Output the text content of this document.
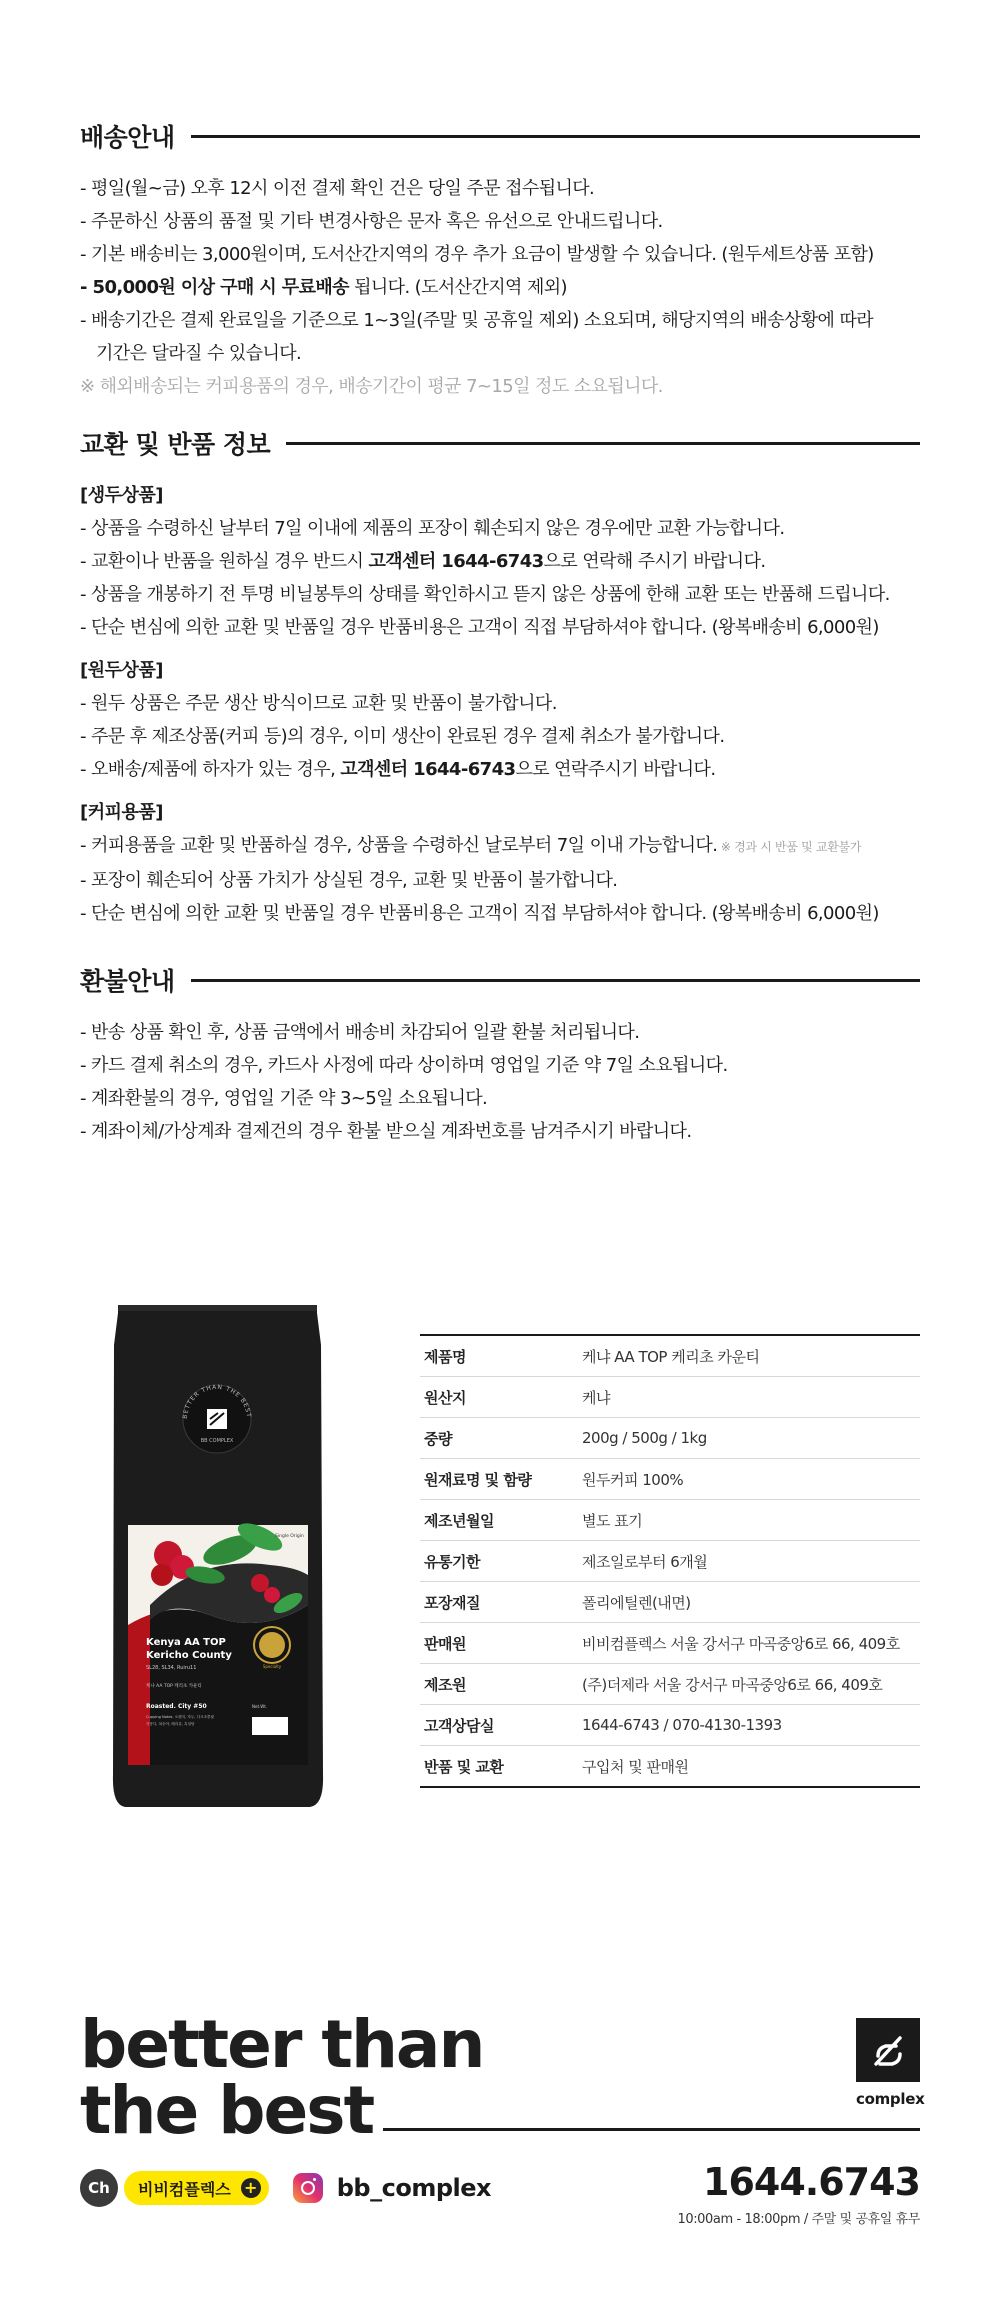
배송안내
- 평일(월~금) 오후 12시 이전 결제 확인 건은 당일 주문 접수됩니다.
- 주문하신 상품의 품절 및 기타 변경사항은 문자 혹은 유선으로 안내드립니다.
- 기본 배송비는 3,000원이며, 도서산간지역의 경우 추가 요금이 발생할 수 있습니다. (원두세트상품 포함)
- 50,000원 이상 구매 시 무료배송 됩니다. (도서산간지역 제외)
- 배송기간은 결제 완료일을 기준으로 1~3일(주말 및 공휴일 제외) 소요되며, 해당지역의 배송상황에 따라
기간은 달라질 수 있습니다.
※ 해외배송되는 커피용품의 경우, 배송기간이 평균 7~15일 정도 소요됩니다.
교환 및 반품 정보
[생두상품]
- 상품을 수령하신 날부터 7일 이내에 제품의 포장이 훼손되지 않은 경우에만 교환 가능합니다.
- 교환이나 반품을 원하실 경우 반드시 고객센터 1644-6743으로 연락해 주시기 바랍니다.
- 상품을 개봉하기 전 투명 비닐봉투의 상태를 확인하시고 뜯지 않은 상품에 한해 교환 또는 반품해 드립니다.
- 단순 변심에 의한 교환 및 반품일 경우 반품비용은 고객이 직접 부담하셔야 합니다. (왕복배송비 6,000원)
[원두상품]
- 원두 상품은 주문 생산 방식이므로 교환 및 반품이 불가합니다.
- 주문 후 제조상품(커피 등)의 경우, 이미 생산이 완료된 경우 결제 취소가 불가합니다.
- 오배송/제품에 하자가 있는 경우, 고객센터 1644-6743으로 연락주시기 바랍니다.
[커피용품]
- 커피용품을 교환 및 반품하실 경우, 상품을 수령하신 날로부터 7일 이내 가능합니다. ※ 경과 시 반품 및 교환불가
- 포장이 훼손되어 상품 가치가 상실된 경우, 교환 및 반품이 불가합니다.
- 단순 변심에 의한 교환 및 반품일 경우 반품비용은 고객이 직접 부담하셔야 합니다. (왕복배송비 6,000원)
환불안내
- 반송 상품 확인 후, 상품 금액에서 배송비 차감되어 일괄 환불 처리됩니다.
- 카드 결제 취소의 경우, 카드사 사정에 따라 상이하며 영업일 기준 약 7일 소요됩니다.
- 계좌환불의 경우, 영업일 기준 약 3~5일 소요됩니다.
- 계좌이체/가상계좌 결제건의 경우 환불 받으실 계좌번호를 남겨주시기 바랍니다.
BETTER THAN THE BEST
BB COMPLEX
Single Origin
Specialty
Kenya AA TOP
Kericho County
SL28, SL34, Ruiru11
케냐 AA TOP 케리초 카운티
Roasted. City #50
Cupping Notes. 오렌지, 자두, 다크초콜릿
자몽다, 복숭아, 베리류, 흑설탕
Net.Wt.
제품명	케냐 AA TOP 케리초 카운티
원산지	케냐
중량	200g / 500g / 1kg
원재료명 및 함량	원두커피 100%
제조년월일	별도 표기
유통기한	제조일로부터 6개월
포장재질	폴리에틸렌(내면)
판매원	비비컴플렉스 서울 강서구 마곡중앙6로 66, 409호
제조원	(주)더제라 서울 강서구 마곡중앙6로 66, 409호
고객상담실	1644-6743 / 070-4130-1393
반품 및 교환	구입처 및 판매원
better than
the best	complex
Ch	비비컴플렉스 +	bb_complex	1644.6743
10:00am - 18:00pm / 주말 및 공휴일 휴무
